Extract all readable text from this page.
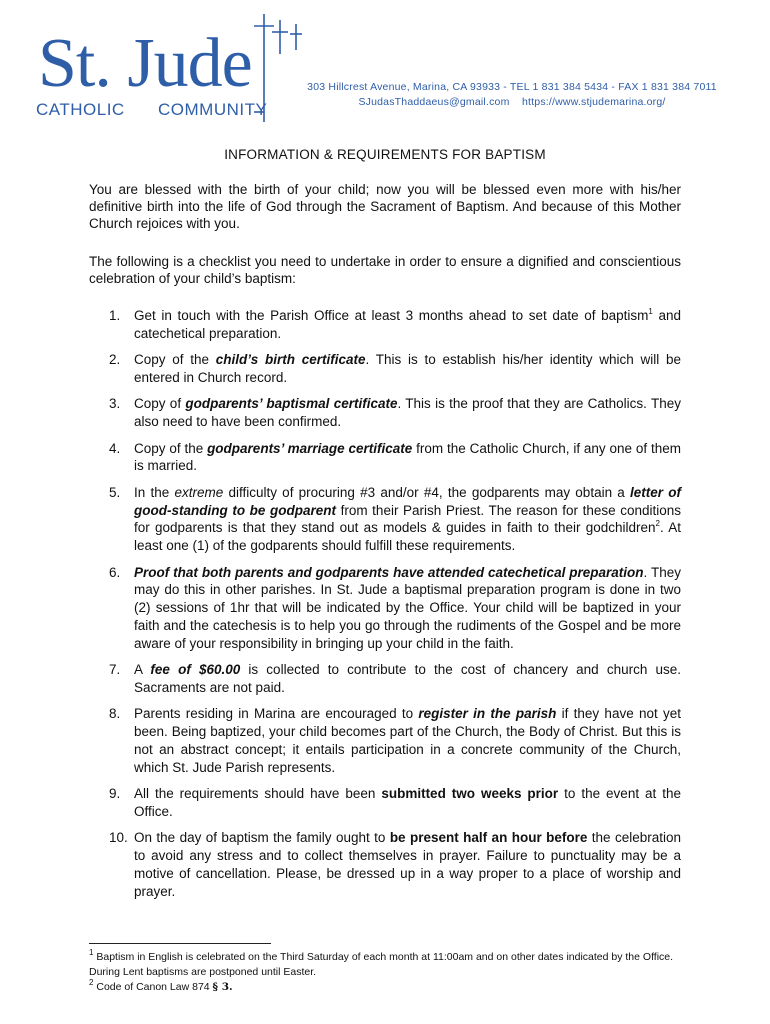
St. Jude
CATHOLIC COMMUNITY
303 Hillcrest Avenue, Marina, CA 93933 - TEL 1 831 384 5434 - FAX 1 831 384 7011
SJudasThaddaeus@gmail.com https://www.stjudemarina.org/
INFORMATION & REQUIREMENTS FOR BAPTISM
You are blessed with the birth of your child; now you will be blessed even more with his/her definitive birth into the life of God through the Sacrament of Baptism. And because of this Mother Church rejoices with you.
The following is a checklist you need to undertake in order to ensure a dignified and conscientious celebration of your child’s baptism:
1. Get in touch with the Parish Office at least 3 months ahead to set date of baptism$^1$ and catechetical preparation.
2. Copy of the child’s birth certificate. This is to establish his/her identity which will be entered in Church record.
3. Copy of godparents’ baptismal certificate. This is the proof that they are Catholics. They also need to have been confirmed.
4. Copy of the godparents’ marriage certificate from the Catholic Church, if any one of them is married.
5. In the extreme difficulty of procuring #3 and/or #4, the godparents may obtain a letter of good-standing to be godparent from their Parish Priest. The reason for these conditions for godparents is that they stand out as models & guides in faith to their godchildren$^2$. At least one (1) of the godparents should fulfill these requirements.
6. Proof that both parents and godparents have attended catechetical preparation. They may do this in other parishes. In St. Jude a baptismal preparation program is done in two (2) sessions of 1hr that will be indicated by the Office. Your child will be baptized in your faith and the catechesis is to help you go through the rudiments of the Gospel and be more aware of your responsibility in bringing up your child in the faith.
7. A fee of $60.00 is collected to contribute to the cost of chancery and church use. Sacraments are not paid.
8. Parents residing in Marina are encouraged to register in the parish if they have not yet been. Being baptized, your child becomes part of the Church, the Body of Christ. But this is not an abstract concept; it entails participation in a concrete community of the Church, which St. Jude Parish represents.
9. All the requirements should have been submitted two weeks prior to the event at the Office.
10. On the day of baptism the family ought to be present half an hour before the celebration to avoid any stress and to collect themselves in prayer. Failure to punctuality may be a motive of cancellation. Please, be dressed up in a way proper to a place of worship and prayer.
$^1$ Baptism in English is celebrated on the Third Saturday of each month at 11:00am and on other dates indicated by the Office. During Lent baptisms are postponed until Easter.
$^2$ Code of Canon Law 874 § 3.
